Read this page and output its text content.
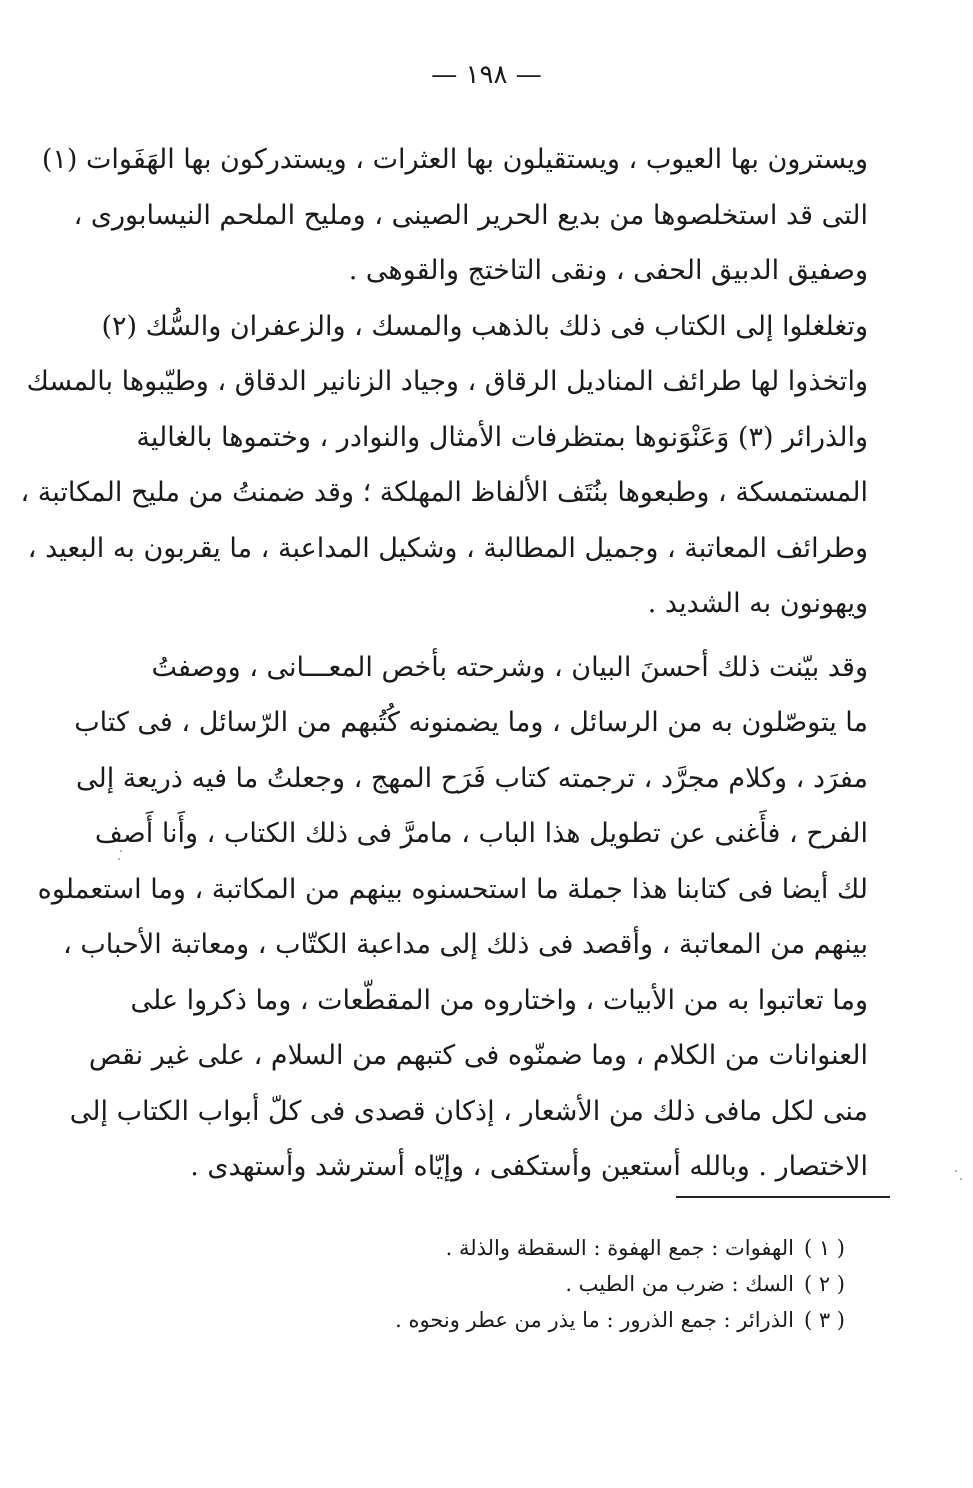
— ١٩٨ —
ويسترون بها العيوب ، ويستقيلون بها العثرات ، ويستدركون بها الهَفَوات (١)
التى قد استخلصوها من بديع الحرير الصينى ، ومليح الملحم النيسابورى ،
وصفيق الدبيق الحفى ، ونقى التاختج والقوهى .
وتغلغلوا إلى الكتاب فى ذلك بالذهب والمسك ، والزعفران والسُّك (٢)
واتخذوا لها طرائف المناديل الرقاق ، وجياد الزنانير الدقاق ، وطيّبوها بالمسك
والذرائر (٣) وَعَنْوَنوها بمتظرفات الأمثال والنوادر ، وختموها بالغالية
المستمسكة ، وطبعوها بنُتَف الألفاظ المهلكة ؛ وقد ضمنتُ من مليح المكاتبة ،
وطرائف المعاتبة ، وجميل المطالبة ، وشكيل المداعبة ، ما يقربون به البعيد ،
ويهونون به الشديد .
وقد بيّنت ذلك أحسنَ البيان ، وشرحته بأخص المعـــانى ، ووصفتُ
ما يتوصّلون به من الرسائل ، وما يضمنونه كُتُبهم من الرّسائل ، فى كتاب
مفرَد ، وكلام مجرَّد ، ترجمته كتاب فَرَح المهج ، وجعلتُ ما فيه ذريعة إلى
الفرح ، فأَغنى عن تطويل هذا الباب ، مامرَّ فى ذلك الكتاب ، وأَنا أَصف
لك أيضا فى كتابنا هذا جملة ما استحسنوه بينهم من المكاتبة ، وما استعملوه
بينهم من المعاتبة ، وأقصد فى ذلك إلى مداعبة الكتّاب ، ومعاتبة الأحباب ،
وما تعاتبوا به من الأبيات ، واختاروه من المقطّعات ، وما ذكروا على
العنوانات من الكلام ، وما ضمنّوه فى كتبهم من السلام ، على غير نقص
منى لكل مافى ذلك من الأشعار ، إذكان قصدى فى كلّ أبواب الكتاب إلى
الاختصار . وبالله أستعين وأستكفى ، وإيّاه أسترشد وأستهدى .
( ١ )الهفوات : جمع الهفوة : السقطة والذلة .
( ٢ )السك : ضرب من الطيب .
( ٣ )الذرائر : جمع الذرور : ما يذر من عطر ونحوه .
